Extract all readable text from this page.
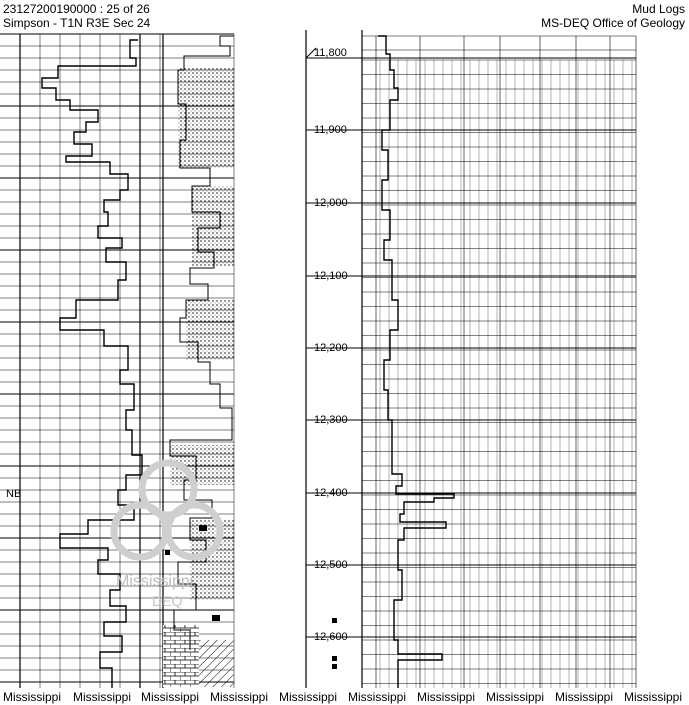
23127200190000 : 25 of 26
Simpson - T1N R3E Sec 24
Mud Logs
MS-DEQ Office of Geology
11,800
11,900
12,000
12,100
12,200
12,300
12,400
12,500
12,600
NB
Mississippi
DEQ
Mississippi Mississippi Mississippi Mississippi Mississippi Mississippi Mississippi Mississippi Mississippi Mississippi
